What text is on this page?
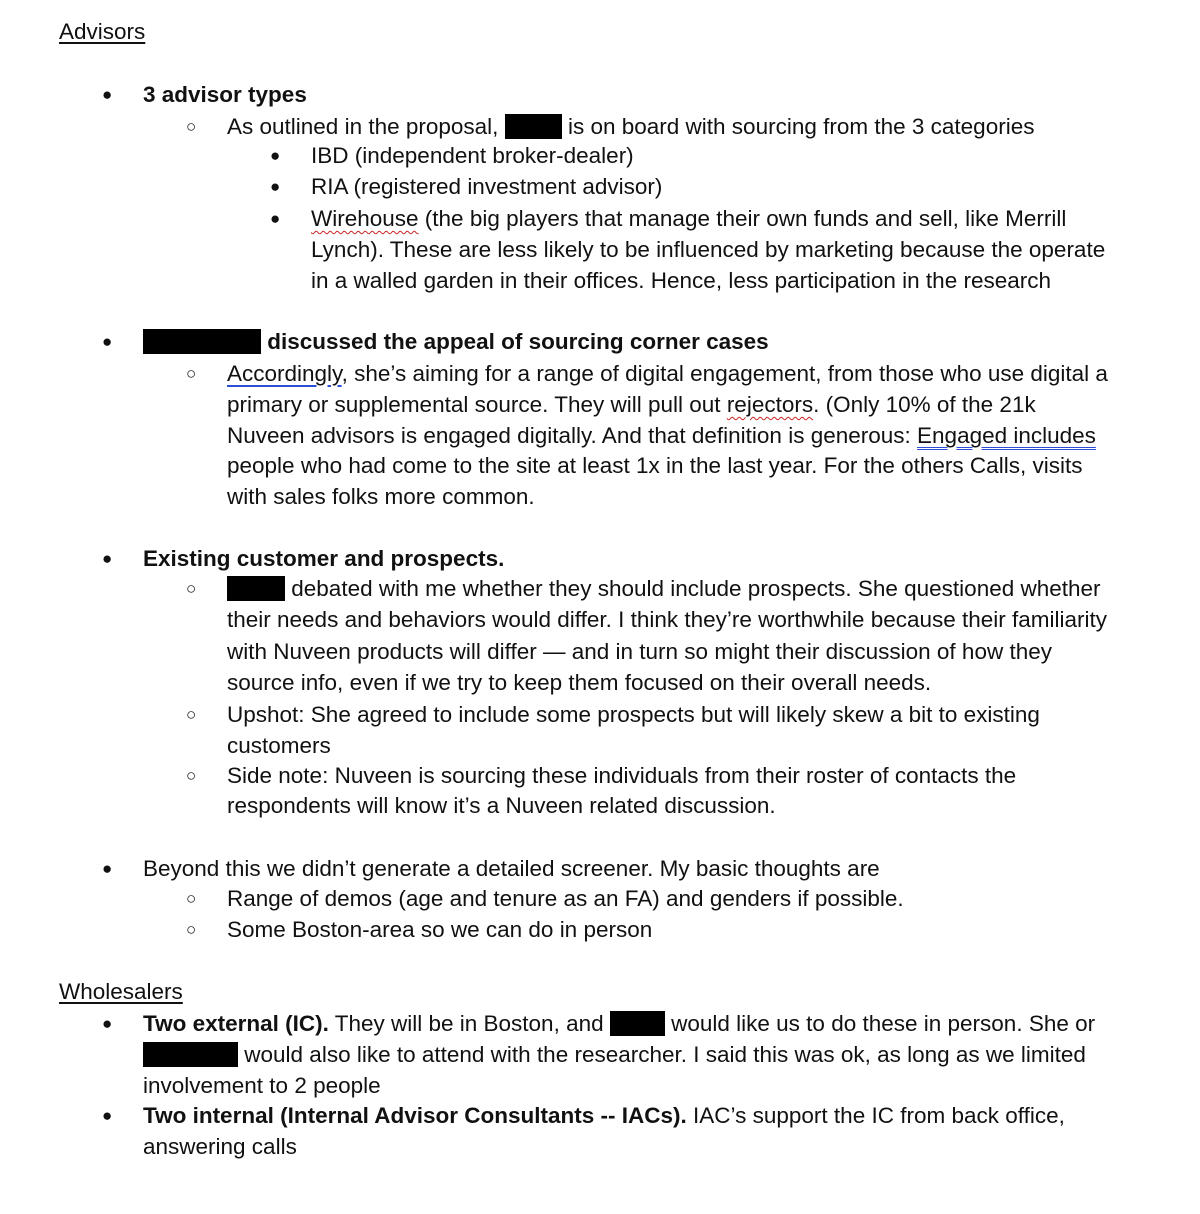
Advisors
● 3 advisor types
○ As outlined in the proposal,	is on board with sourcing from the 3 categories
● IBD (independent broker-dealer)
● RIA (registered investment advisor)
● Wirehouse (the big players that manage their own funds and sell, like Merrill
Lynch). These are less likely to be influenced by marketing because the operate
in a walled garden in their offices. Hence, less participation in the research
●	discussed the appeal of sourcing corner cases
○ Accordingly, she’s aiming for a range of digital engagement, from those who use digital a
primary or supplemental source. They will pull out rejectors. (Only 10% of the 21k
Nuveen advisors is engaged digitally. And that definition is generous: Engaged includes
people who had come to the site at least 1x in the last year. For the others Calls, visits
with sales folks more common.
● Existing customer and prospects.
○	debated with me whether they should include prospects. She questioned whether
their needs and behaviors would differ. I think they’re worthwhile because their familiarity
with Nuveen products will differ — and in turn so might their discussion of how they
source info, even if we try to keep them focused on their overall needs.
○ Upshot: She agreed to include some prospects but will likely skew a bit to existing
customers
○ Side note: Nuveen is sourcing these individuals from their roster of contacts the
respondents will know it’s a Nuveen related discussion.
● Beyond this we didn’t generate a detailed screener. My basic thoughts are
○ Range of demos (age and tenure as an FA) and genders if possible.
○ Some Boston-area so we can do in person
Wholesalers
● Two external (IC). They will be in Boston, and  would like us to do these in person. She or
would also like to attend with the researcher. I said this was ok, as long as we limited
involvement to 2 people
● Two internal (Internal Advisor Consultants -- IACs). IAC’s support the IC from back office,
answering calls
